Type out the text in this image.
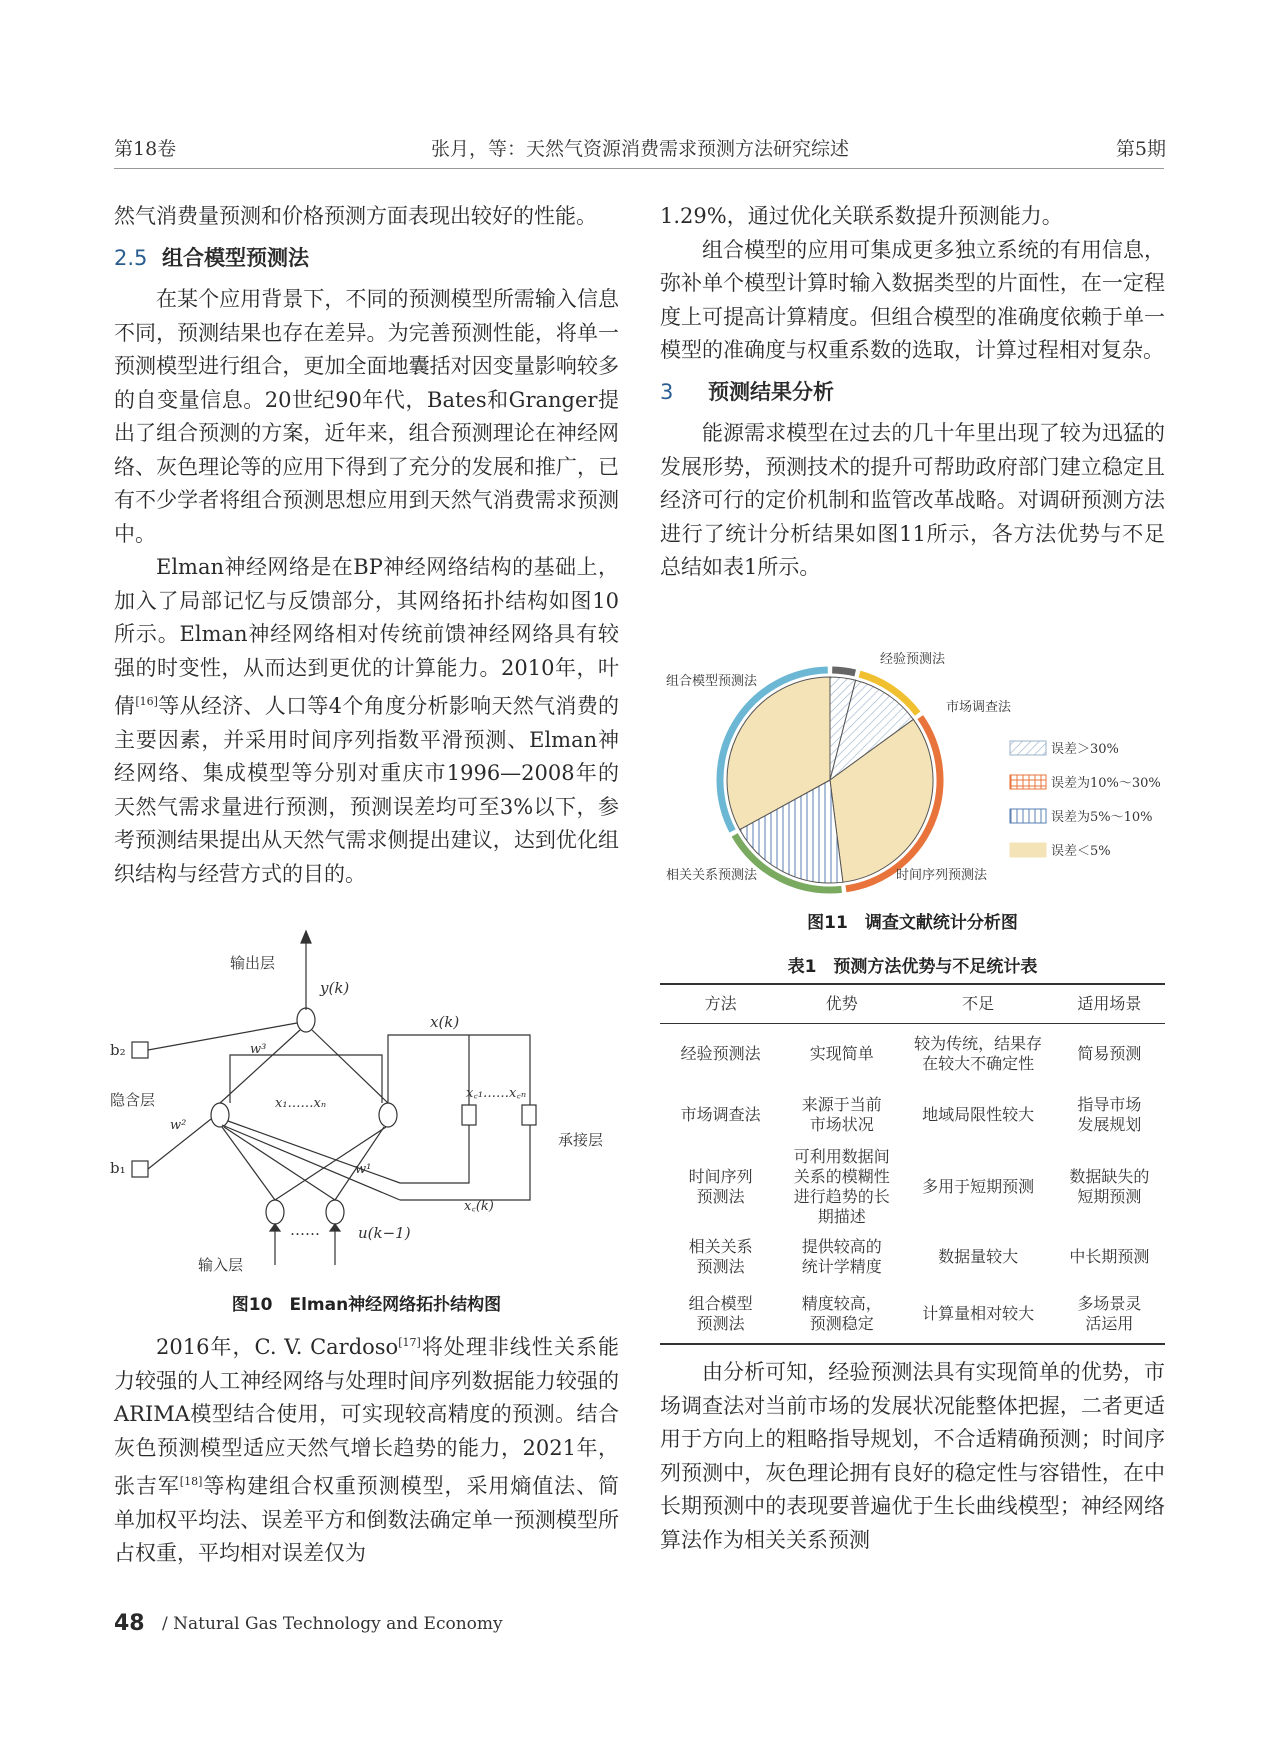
第18卷	张月，等：天然气资源消费需求预测方法研究综述	第5期

然气消费量预测和价格预测方面表现出较好的性能。

2.5 组合模型预测法

在某个应用背景下，不同的预测模型所需输入信息不同，预测结果也存在差异。为完善预测性能，将单一预测模型进行组合，更加全面地囊括对因变量影响较多的自变量信息。20世纪90年代，Bates和Granger提出了组合预测的方案，近年来，组合预测理论在神经网络、灰色理论等的应用下得到了充分的发展和推广，已有不少学者将组合预测思想应用到天然气消费需求预测中。

Elman神经网络是在BP神经网络结构的基础上，加入了局部记忆与反馈部分，其网络拓扑结构如图10所示。Elman神经网络相对传统前馈神经网络具有较强的时变性，从而达到更优的计算能力。2010年，叶倩[16]等从经济、人口等4个角度分析影响天然气消费的主要因素，并采用时间序列指数平滑预测、Elman神经网络、集成模型等分别对重庆市1996—2008年的天然气需求量进行预测，预测误差均可至3%以下，参考预测结果提出从天然气需求侧提出建议，达到优化组织结构与经营方式的目的。

输出层
y(k)
x(k)
b₂	w³
隐含层	x₁……xₙ
x꜀₁……x꜀ₙ
w²
承接层
b₁	w¹
x꜀(k)
……	u(k−1)
输入层
图10　Elman神经网络拓扑结构图

2016年，C. V. Cardoso[17]将处理非线性关系能力较强的人工神经网络与处理时间序列数据能力较强的ARIMA模型结合使用，可实现较高精度的预测。结合灰色预测模型适应天然气增长趋势的能力，2021年，张吉军[18]等构建组合权重预测模型，采用熵值法、简单加权平均法、误差平方和倒数法确定单一预测模型所占权重，平均相对误差仅为

1.29%，通过优化关联系数提升预测能力。

组合模型的应用可集成更多独立系统的有用信息，弥补单个模型计算时输入数据类型的片面性，在一定程度上可提高计算精度。但组合模型的准确度依赖于单一模型的准确度与权重系数的选取，计算过程相对复杂。

3 预测结果分析

能源需求模型在过去的几十年里出现了较为迅猛的发展形势，预测技术的提升可帮助政府部门建立稳定且经济可行的定价机制和监管改革战略。对调研预测方法进行了统计分析结果如图11所示，各方法优势与不足总结如表1所示。

经验预测法
组合模型预测法
市场调查法
相关关系预测法	时间序列预测法
误差＞30%
误差为10%～30%
误差为5%～10%
误差＜5%
图11　调查文献统计分析图
表1　预测方法优势与不足统计表
方法	优势	不足	适用场景
经验预测法	实现简单	较为传统，结果存在较大不确定性	简易预测

市场调查法	来源于当前市场状况	地域局限性较大	指导市场发展规划

时间序列预测法	可利用数据间关系的模糊性进行趋势的长期描述	多用于短期预测	数据缺失的短期预测

相关关系预测法	提供较高的统计学精度	数据量较大	中长期预测

组合模型预测法	精度较高，预测稳定	计算量相对较大	多场景灵活运用

由分析可知，经验预测法具有实现简单的优势，市场调查法对当前市场的发展状况能整体把握，二者更适用于方向上的粗略指导规划，不合适精确预测；时间序列预测中，灰色理论拥有良好的稳定性与容错性，在中长期预测中的表现要普遍优于生长曲线模型；神经网络算法作为相关关系预测

48 / Natural Gas Technology and Economy
